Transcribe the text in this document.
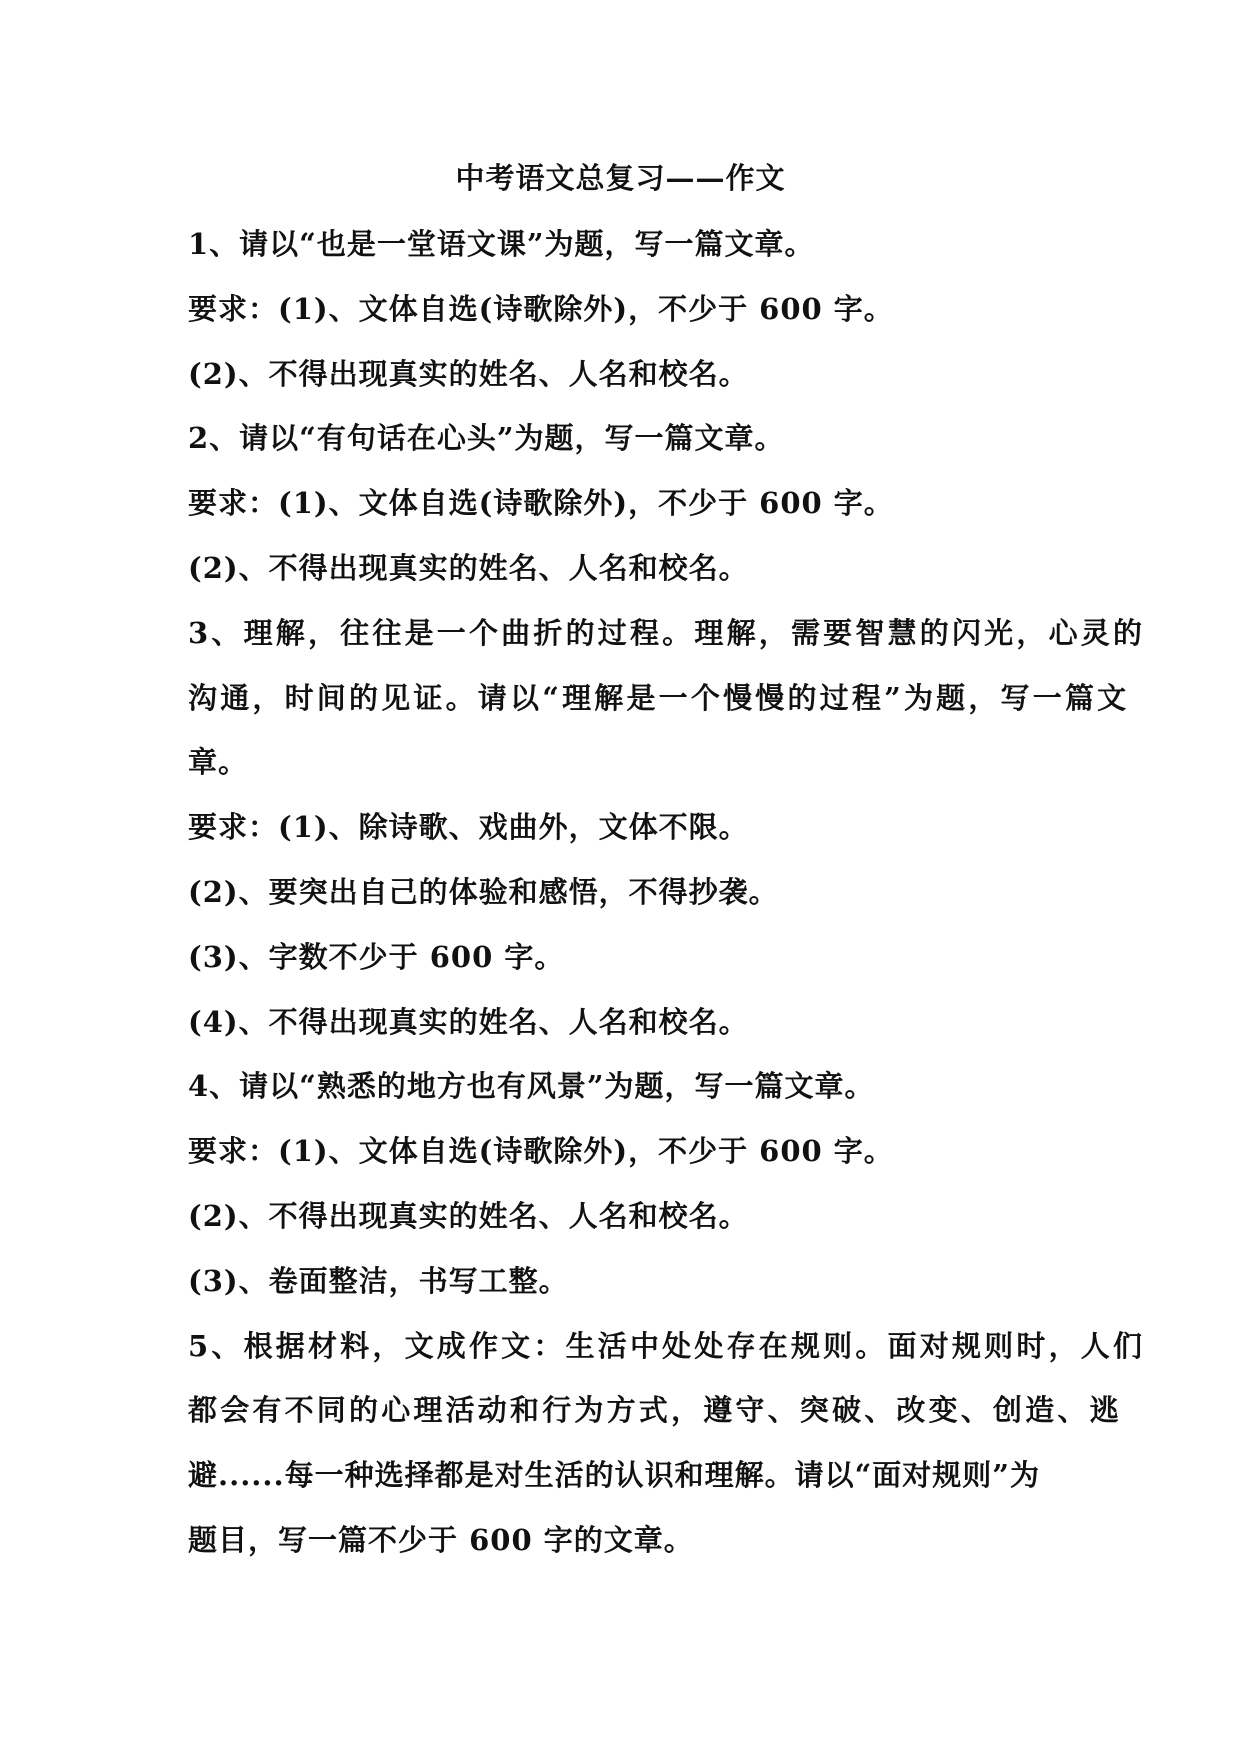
中考语文总复习——作文
1、请以“也是一堂语文课”为题，写一篇文章。
要求：(1)、文体自选(诗歌除外)，不少于 600 字。
(2)、不得出现真实的姓名、人名和校名。
2、请以“有句话在心头”为题，写一篇文章。
要求：(1)、文体自选(诗歌除外)，不少于 600 字。
(2)、不得出现真实的姓名、人名和校名。
3、理解，往往是一个曲折的过程。理解，需要智慧的闪光，心灵的
沟通，时间的见证。请以“理解是一个慢慢的过程”为题，写一篇文
章。
要求：(1)、除诗歌、戏曲外，文体不限。
(2)、要突出自己的体验和感悟，不得抄袭。
(3)、字数不少于 600 字。
(4)、不得出现真实的姓名、人名和校名。
4、请以“熟悉的地方也有风景”为题，写一篇文章。
要求：(1)、文体自选(诗歌除外)，不少于 600 字。
(2)、不得出现真实的姓名、人名和校名。
(3)、卷面整洁，书写工整。
5、根据材料，文成作文：生活中处处存在规则。面对规则时，人们
都会有不同的心理活动和行为方式，遵守、突破、改变、创造、逃
避......每一种选择都是对生活的认识和理解。请以“面对规则”为
题目，写一篇不少于 600 字的文章。
